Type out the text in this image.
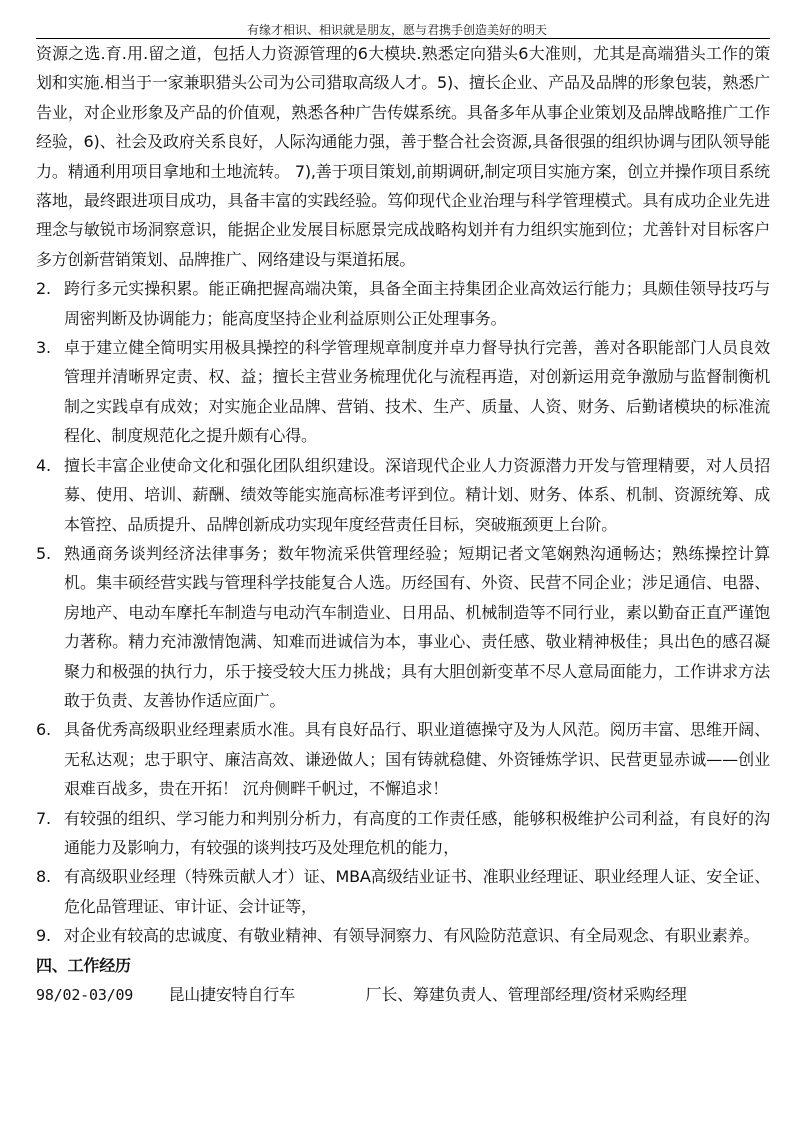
有缘才相识、相识就是朋友，愿与君携手创造美好的明天

资源之选.育.用.留之道，包括人力资源管理的6大模块.熟悉定向猎头6大准则，尤其是高端猎头工作的策划和实施.相当于一家兼职猎头公司为公司猎取高级人才。5)、擅长企业、产品及品牌的形象包装，熟悉广告业，对企业形象及产品的价值观，熟悉各种广告传媒系统。具备多年从事企业策划及品牌战略推广工作经验，6)、社会及政府关系良好，人际沟通能力强，善于整合社会资源,具备很强的组织协调与团队领导能力。精通利用项目拿地和土地流转。 7),善于项目策划,前期调研,制定项目实施方案，创立并操作项目系统落地，最终跟进项目成功，具备丰富的实践经验。笃仰现代企业治理与科学管理模式。具有成功企业先进理念与敏锐市场洞察意识，能据企业发展目标愿景完成战略构划并有力组织实施到位；尤善针对目标客户多方创新营销策划、品牌推广、网络建设与渠道拓展。

2. 跨行多元实操积累。能正确把握高端决策，具备全面主持集团企业高效运行能力；具颇佳领导技巧与周密判断及协调能力；能高度坚持企业利益原则公正处理事务。

3. 卓于建立健全简明实用极具操控的科学管理规章制度并卓力督导执行完善，善对各职能部门人员良效管理并清晰界定责、权、益；擅长主营业务梳理优化与流程再造，对创新运用竞争激励与监督制衡机制之实践卓有成效；对实施企业品牌、营销、技术、生产、质量、人资、财务、后勤诸模块的标准流程化、制度规范化之提升颇有心得。

4. 擅长丰富企业使命文化和强化团队组织建设。深谙现代企业人力资源潜力开发与管理精要，对人员招募、使用、培训、薪酬、绩效等能实施高标准考评到位。精计划、财务、体系、机制、资源统筹、成本管控、品质提升、品牌创新成功实现年度经营责任目标，突破瓶颈更上台阶。

5. 熟通商务谈判经济法律事务；数年物流采供管理经验；短期记者文笔娴熟沟通畅达；熟练操控计算机。集丰硕经营实践与管理科学技能复合人选。历经国有、外资、民营不同企业；涉足通信、电器、房地产、电动车摩托车制造与电动汽车制造业、日用品、机械制造等不同行业，素以勤奋正直严谨饱力著称。精力充沛激情饱满、知难而进诚信为本，事业心、责任感、敬业精神极佳；具出色的感召凝聚力和极强的执行力，乐于接受较大压力挑战；具有大胆创新变革不尽人意局面能力，工作讲求方法敢于负责、友善协作适应面广。

6. 具备优秀高级职业经理素质水准。具有良好品行、职业道德操守及为人风范。阅历丰富、思维开阔、无私达观；忠于职守、廉洁高效、谦逊做人；国有铸就稳健、外资锤炼学识、民营更显赤诚——创业艰难百战多，贵在开拓！ 沉舟侧畔千帆过，不懈追求！

7. 有较强的组织、学习能力和判别分析力，有高度的工作责任感，能够积极维护公司利益，有良好的沟通能力及影响力，有较强的谈判技巧及处理危机的能力，

8. 有高级职业经理（特殊贡献人才）证、MBA高级结业证书、准职业经理证、职业经理人证、安全证、危化品管理证、审计证、会计证等，

9. 对企业有较高的忠诚度、有敬业精神、有领导洞察力、有风险防范意识、有全局观念、有职业素养。

四、工作经历

98/02-03/09 昆山捷安特自行车	厂长、筹建负责人、管理部经理/资材采购经理
